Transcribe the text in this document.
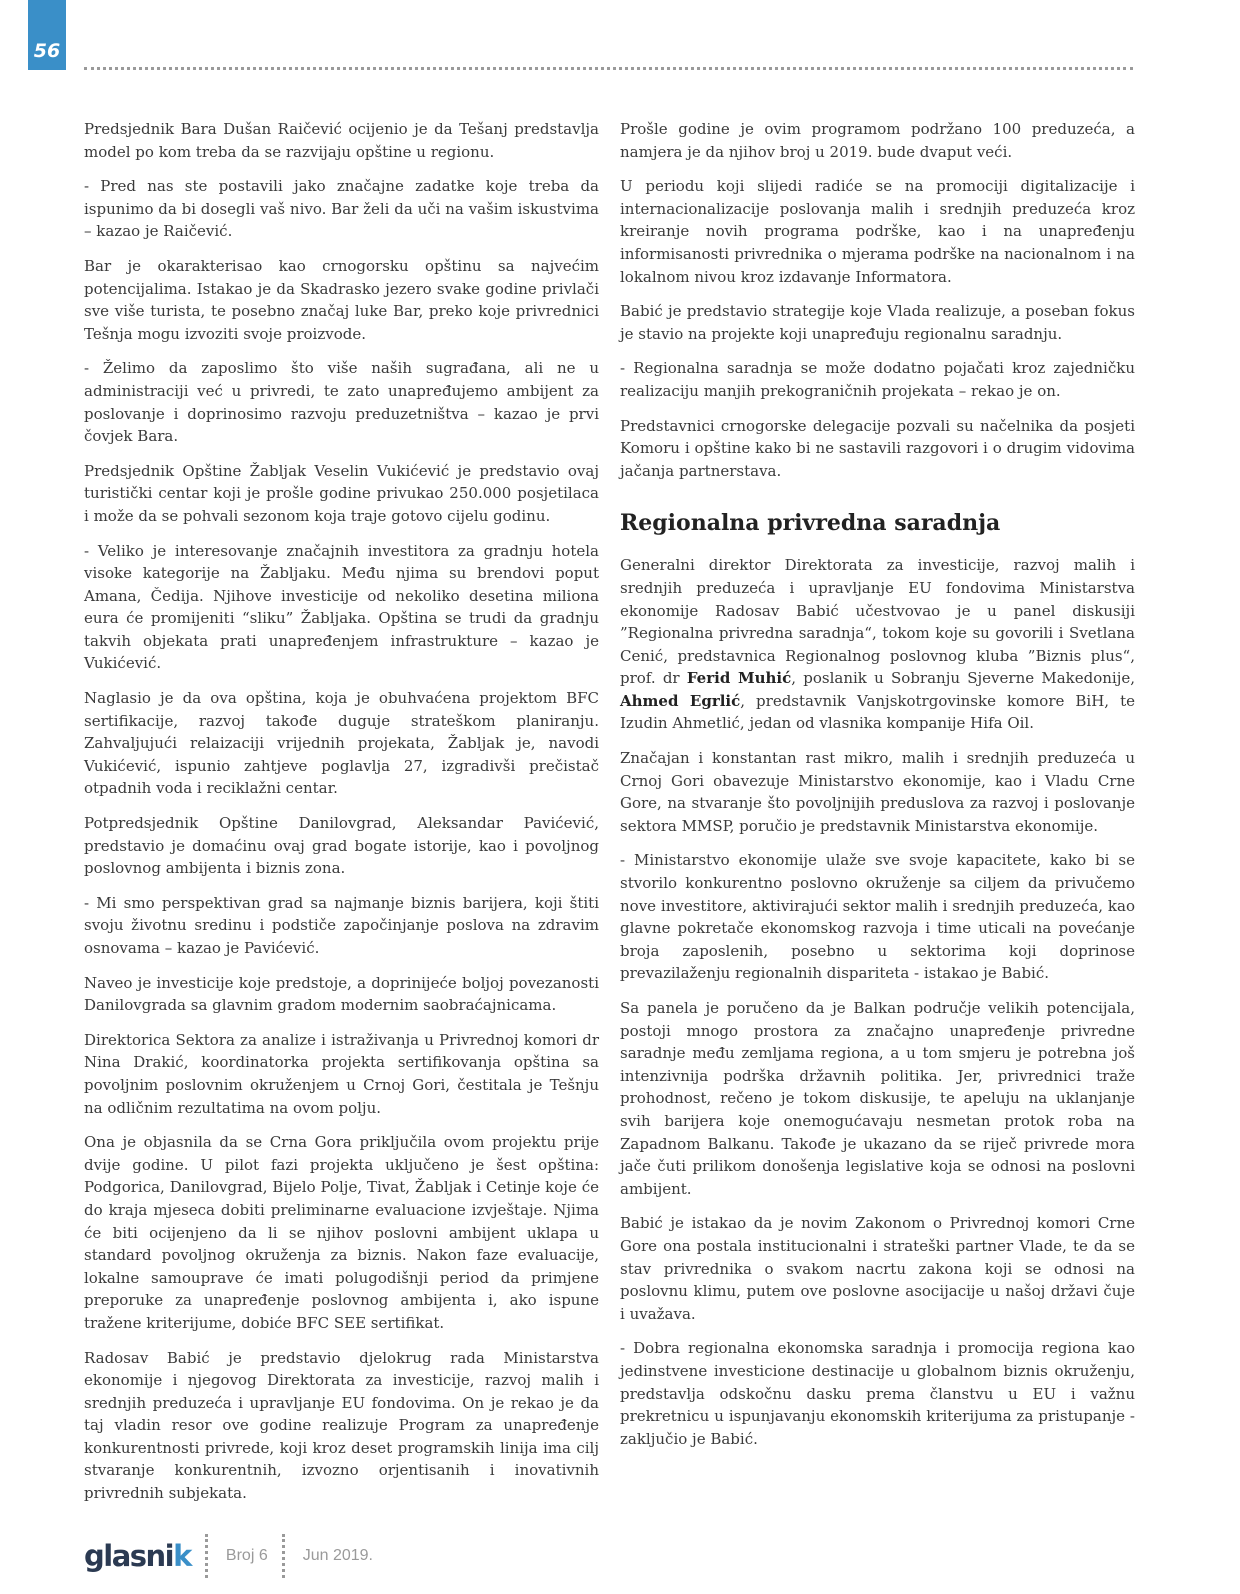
56

Predsjednik Bara Dušan Raičević ocijenio je da Tešanj predstavlja model po kom treba da se razvijaju opštine u regionu.

- Pred nas ste postavili jako značajne zadatke koje treba da ispunimo da bi dosegli vaš nivo. Bar želi da uči na vašim iskustvima – kazao je Raičević.

Bar je okarakterisao kao crnogorsku opštinu sa najvećim potencijalima. Istakao je da Skadrasko jezero svake godine privlači sve više turista, te posebno značaj luke Bar, preko koje privrednici Tešnja mogu izvoziti svoje proizvode.

- Želimo da zaposlimo što više naših sugrađana, ali ne u administraciji već u privredi, te zato unapređujemo ambijent za poslovanje i doprinosimo razvoju preduzetništva – kazao je prvi čovjek Bara.

Predsjednik Opštine Žabljak Veselin Vukićević je predstavio ovaj turistički centar koji je prošle godine privukao 250.000 posjetilaca i može da se pohvali sezonom koja traje gotovo cijelu godinu.

- Veliko je interesovanje značajnih investitora za gradnju hotela visoke kategorije na Žabljaku. Među njima su brendovi poput Amana, Čedija. Njihove investicije od nekoliko desetina miliona eura će promijeniti “sliku” Žabljaka. Opština se trudi da gradnju takvih objekata prati unapređenjem infrastrukture – kazao je Vukićević.

Naglasio je da ova opština, koja je obuhvaćena projektom BFC sertifikacije, razvoj takođe duguje strateškom planiranju. Zahvaljujući relaizaciji vrijednih projekata, Žabljak je, navodi Vukićević, ispunio zahtjeve poglavlja 27, izgradivši prečistač otpadnih voda i reciklažni centar.

Potpredsjednik Opštine Danilovgrad, Aleksandar Pavićević, predstavio je domaćinu ovaj grad bogate istorije, kao i povoljnog poslovnog ambijenta i biznis zona.

- Mi smo perspektivan grad sa najmanje biznis barijera, koji štiti svoju životnu sredinu i podstiče započinjanje poslova na zdravim osnovama – kazao je Pavićević.

Naveo je investicije koje predstoje, a doprinijeće boljoj povezanosti Danilovgrada sa glavnim gradom modernim saobraćajnicama.

Direktorica Sektora za analize i istraživanja u Privrednoj komori dr Nina Drakić, koordinatorka projekta sertifikovanja opština sa povoljnim poslovnim okruženjem u Crnoj Gori, čestitala je Tešnju na odličnim rezultatima na ovom polju.

Ona je objasnila da se Crna Gora priključila ovom projektu prije dvije godine. U pilot fazi projekta uključeno je šest opština: Podgorica, Danilovgrad, Bijelo Polje, Tivat, Žabljak i Cetinje koje će do kraja mjeseca dobiti preliminarne evaluacione izvještaje. Njima će biti ocijenjeno da li se njihov poslovni ambijent uklapa u standard povoljnog okruženja za biznis. Nakon faze evaluacije, lokalne samouprave će imati polugodišnji period da primjene preporuke za unapređenje poslovnog ambijenta i, ako ispune tražene kriterijume, dobiće BFC SEE sertifikat.

Radosav Babić je predstavio djelokrug rada Ministarstva ekonomije i njegovog Direktorata za investicije, razvoj malih i srednjih preduzeća i upravljanje EU fondovima. On je rekao je da taj vladin resor ove godine realizuje Program za unapređenje konkurentnosti privrede, koji kroz deset programskih linija ima cilj stvaranje konkurentnih, izvozno orjentisanih i inovativnih privrednih subjekata.

Prošle godine je ovim programom podržano 100 preduzeća, a namjera je da njihov broj u 2019. bude dvaput veći.

U periodu koji slijedi radiće se na promociji digitalizacije i internacionalizacije poslovanja malih i srednjih preduzeća kroz kreiranje novih programa podrške, kao i na unapređenju informisanosti privrednika o mjerama podrške na nacionalnom i na lokalnom nivou kroz izdavanje Informatora.

Babić je predstavio strategije koje Vlada realizuje, a poseban fokus je stavio na projekte koji unapređuju regionalnu saradnju.

- Regionalna saradnja se može dodatno pojačati kroz zajedničku realizaciju manjih prekograničnih projekata – rekao je on.

Predstavnici crnogorske delegacije pozvali su načelnika da posjeti Komoru i opštine kako bi ne sastavili razgovori i o drugim vidovima jačanja partnerstava.

Regionalna privredna saradnja

Generalni direktor Direktorata za investicije, razvoj malih i srednjih preduzeća i upravljanje EU fondovima Ministarstva ekonomije Radosav Babić učestvovao je u panel diskusiji ”Regionalna privredna saradnja“, tokom koje su govorili i Svetlana Cenić, predstavnica Regionalnog poslovnog kluba ”Biznis plus“, prof. dr Ferid Muhić, poslanik u Sobranju Sjeverne Makedonije, Ahmed Egrlić, predstavnik Vanjskotrgovinske komore BiH, te Izudin Ahmetlić, jedan od vlasnika kompanije Hifa Oil.

Značajan i konstantan rast mikro, malih i srednjih preduzeća u Crnoj Gori obavezuje Ministarstvo ekonomije, kao i Vladu Crne Gore, na stvaranje što povoljnijih preduslova za razvoj i poslovanje sektora MMSP, poručio je predstavnik Ministarstva ekonomije.

- Ministarstvo ekonomije ulaže sve svoje kapacitete, kako bi se stvorilo konkurentno poslovno okruženje sa ciljem da privučemo nove investitore, aktivirajući sektor malih i srednjih preduzeća, kao glavne pokretače ekonomskog razvoja i time uticali na povećanje broja zaposlenih, posebno u sektorima koji doprinose prevazilaženju regionalnih dispariteta - istakao je Babić.

Sa panela je poručeno da je Balkan područje velikih potencijala, postoji mnogo prostora za značajno unapređenje privredne saradnje među zemljama regiona, a u tom smjeru je potrebna još intenzivnija podrška državnih politika. Jer, privrednici traže prohodnost, rečeno je tokom diskusije, te apeluju na uklanjanje svih barijera koje onemogućavaju nesmetan protok roba na Zapadnom Balkanu. Takođe je ukazano da se riječ privrede mora jače čuti prilikom donošenja legislative koja se odnosi na poslovni ambijent.

Babić je istakao da je novim Zakonom o Privrednoj komori Crne Gore ona postala institucionalni i strateški partner Vlade, te da se stav privrednika o svakom nacrtu zakona koji se odnosi na poslovnu klimu, putem ove poslovne asocijacije u našoj državi čuje i uvažava.

- Dobra regionalna ekonomska saradnja i promocija regiona kao jedinstvene investicione destinacije u globalnom biznis okruženju, predstavlja odskočnu dasku prema članstvu u EU i važnu prekretnicu u ispunjavanju ekonomskih kriterijuma za pristupanje - zaključio je Babić.

glasni k Broj 6 Jun 2019.
